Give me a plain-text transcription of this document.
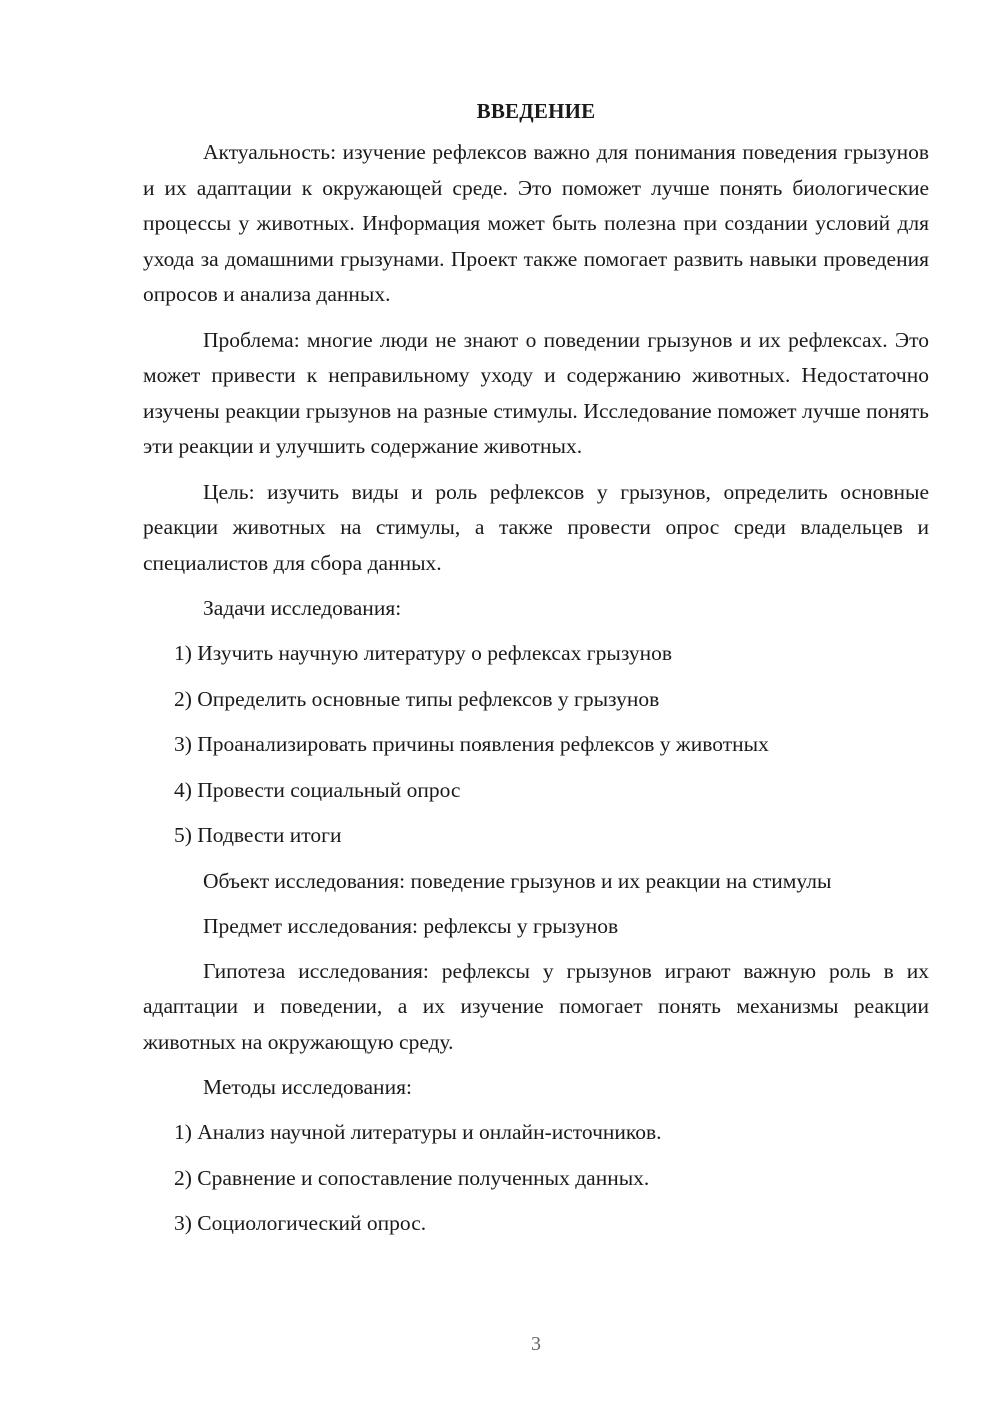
ВВЕДЕНИЕ

Актуальность: изучение рефлексов важно для понимания поведения грызунов и их адаптации к окружающей среде. Это поможет лучше понять биологические процессы у животных. Информация может быть полезна при создании условий для ухода за домашними грызунами. Проект также помогает развить навыки проведения опросов и анализа данных.

Проблема: многие люди не знают о поведении грызунов и их рефлексах. Это может привести к неправильному уходу и содержанию животных. Недостаточно изучены реакции грызунов на разные стимулы. Исследование поможет лучше понять эти реакции и улучшить содержание животных.

Цель: изучить виды и роль рефлексов у грызунов, определить основные реакции животных на стимулы, а также провести опрос среди владельцев и специалистов для сбора данных.

Задачи исследования:
1) Изучить научную литературу о рефлексах грызунов
2) Определить основные типы рефлексов у грызунов
3) Проанализировать причины появления рефлексов у животных
4) Провести социальный опрос
5) Подвести итоги
Объект исследования: поведение грызунов и их реакции на стимулы
Предмет исследования: рефлексы у грызунов

Гипотеза исследования: рефлексы у грызунов играют важную роль в их адаптации и поведении, а их изучение помогает понять механизмы реакции животных на окружающую среду.

Методы исследования:
1) Анализ научной литературы и онлайн-источников.
2) Сравнение и сопоставление полученных данных.
3) Социологический опрос.
3
